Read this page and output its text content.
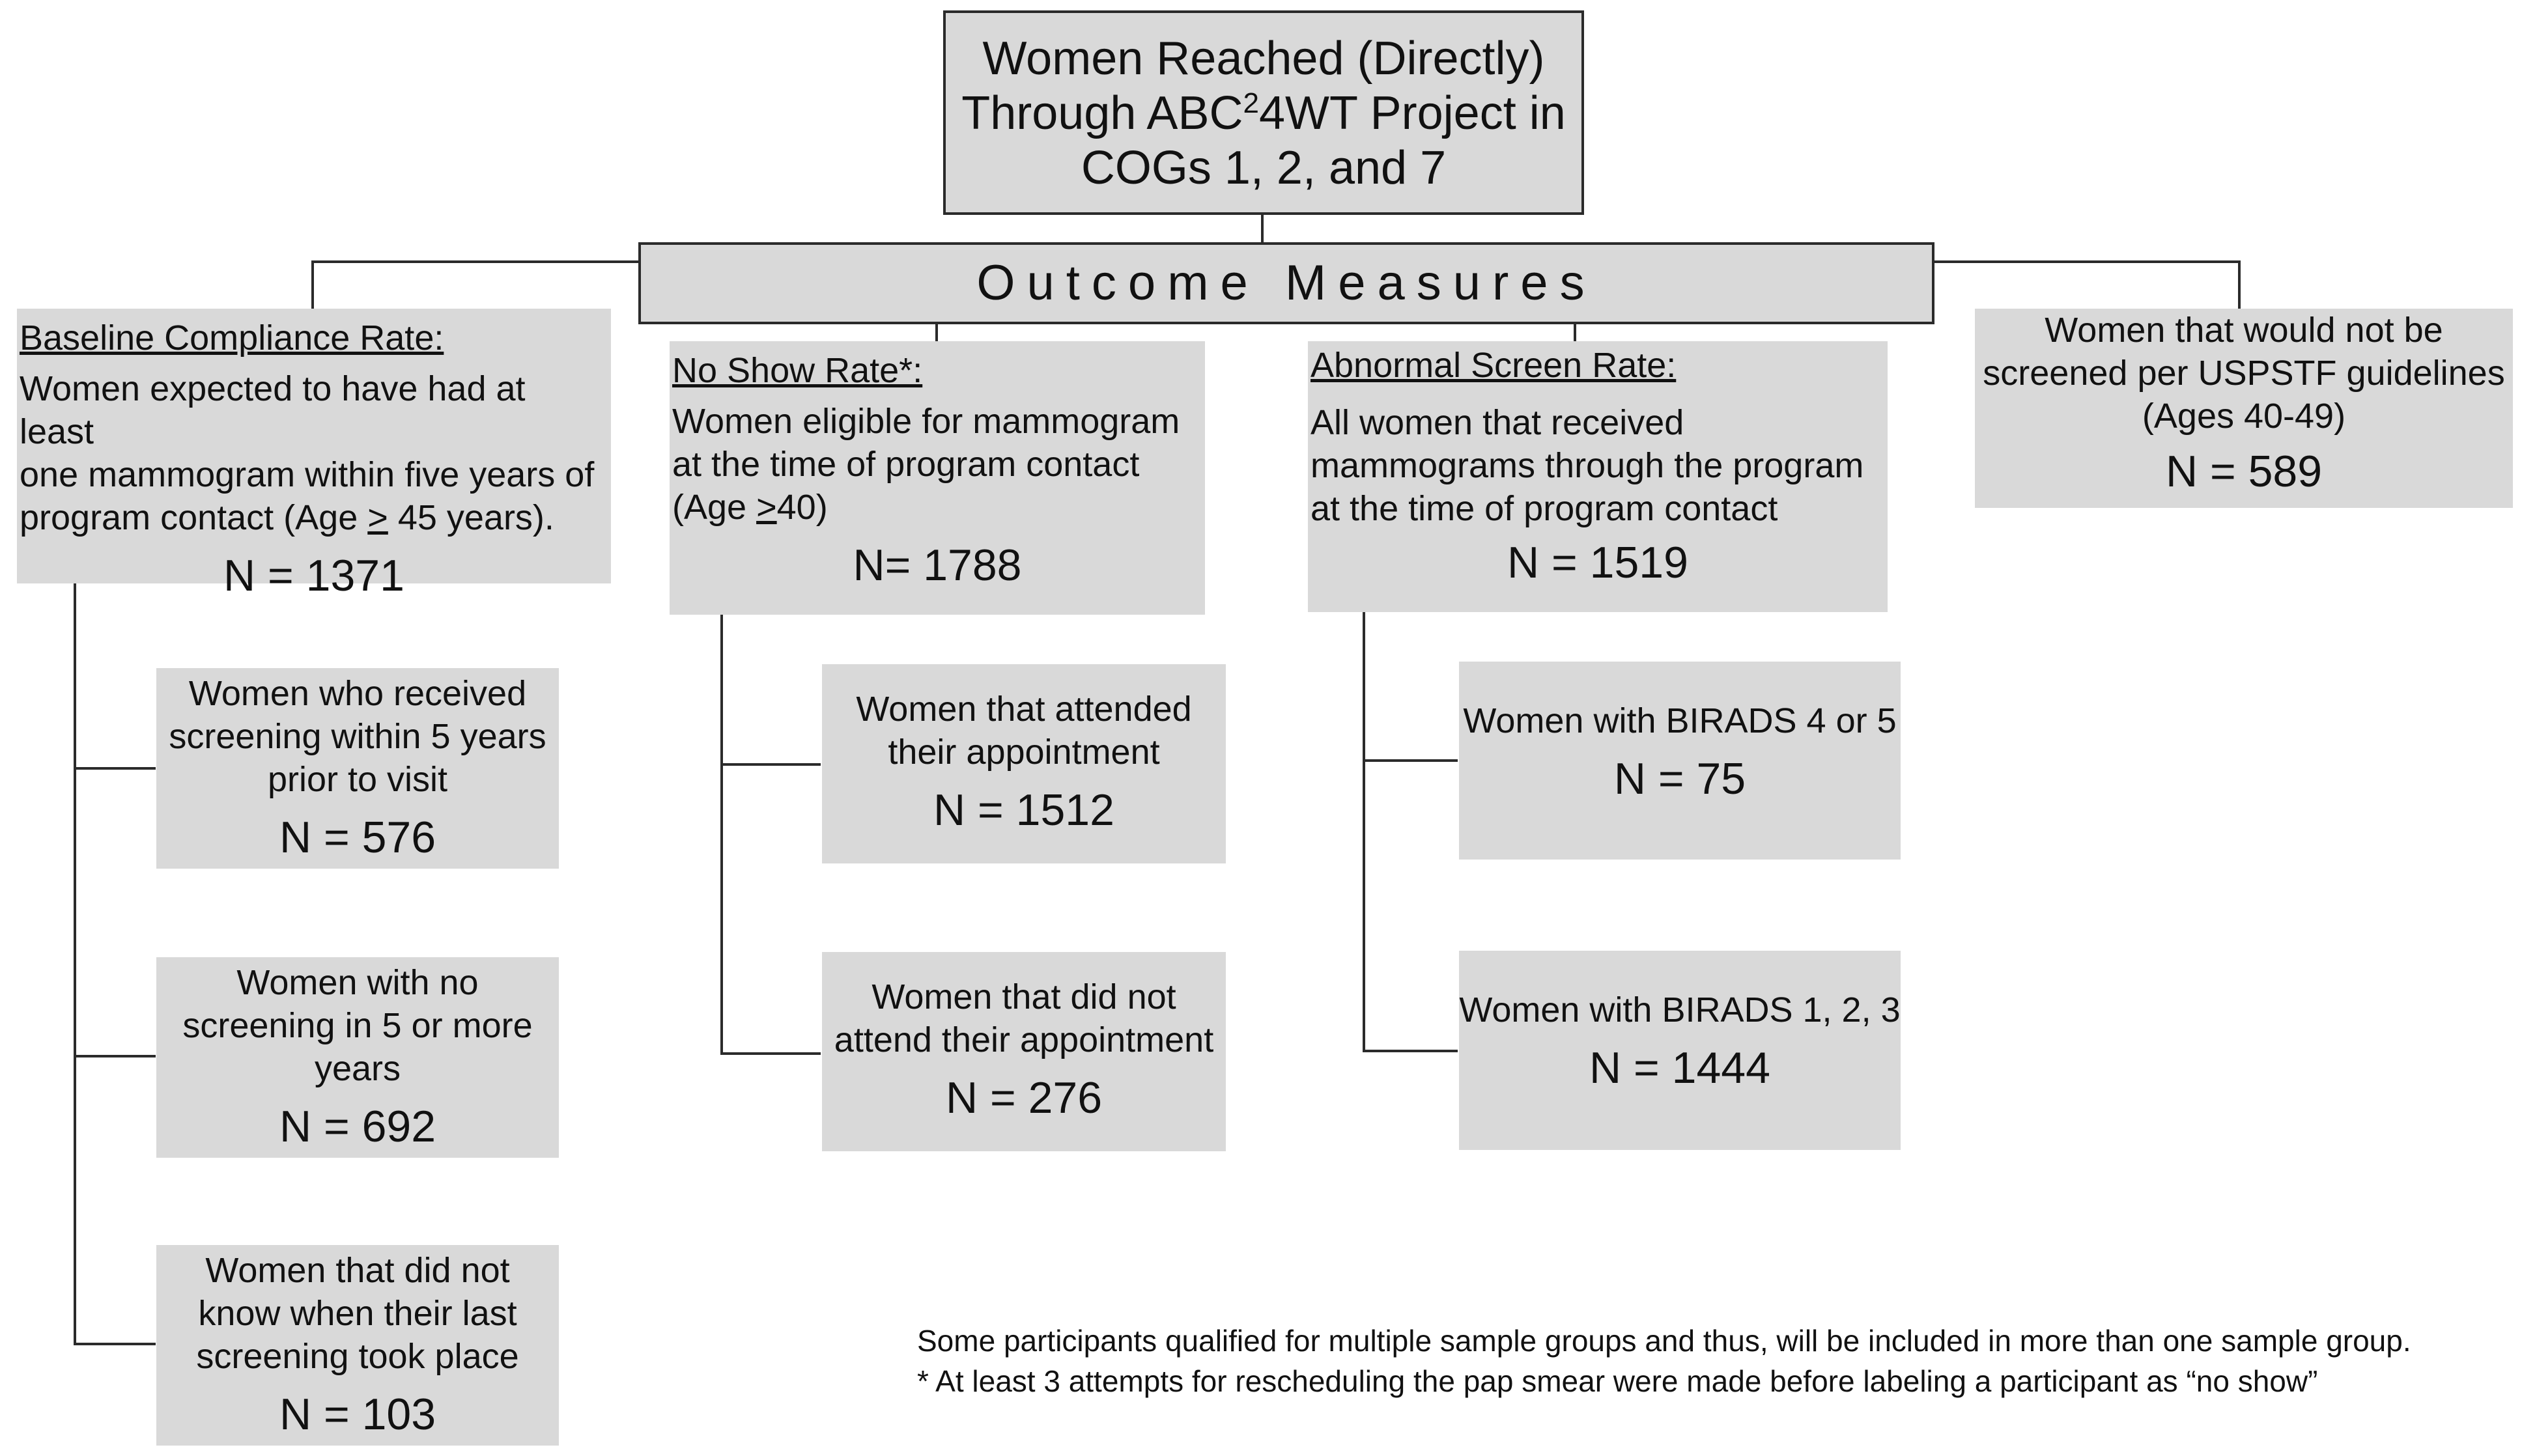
Women Reached (Directly)
Through ABC$^2$4WT Project in
COGs 1, 2, and 7
Outcome Measures
Baseline Compliance Rate:
Women expected to have had at least
one mammogram within five years of
program contact (Age ≥ 45 years).
N = 1371
Women who received
screening within 5 years
prior to visit
N = 576
Women with no
screening in 5 or more
years
N = 692
Women that did not
know when their last
screening took place
N = 103
No Show Rate*:
Women eligible for mammogram
at the time of program contact
(Age ≥40)
N= 1788
Women that attended
their appointment
N = 1512
Women that did not
attend their appointment
N = 276
Abnormal Screen Rate:
All women that received
mammograms through the program
at the time of program contact
N = 1519
Women with BIRADS 4 or 5
N = 75
Women with BIRADS 1, 2, 3
N = 1444
Women that would not be
screened per USPSTF guidelines
(Ages 40-49)
N = 589
Some participants qualified for multiple sample groups and thus, will be included in more than one sample group.
* At least 3 attempts for rescheduling the pap smear were made before labeling a participant as “no show”
